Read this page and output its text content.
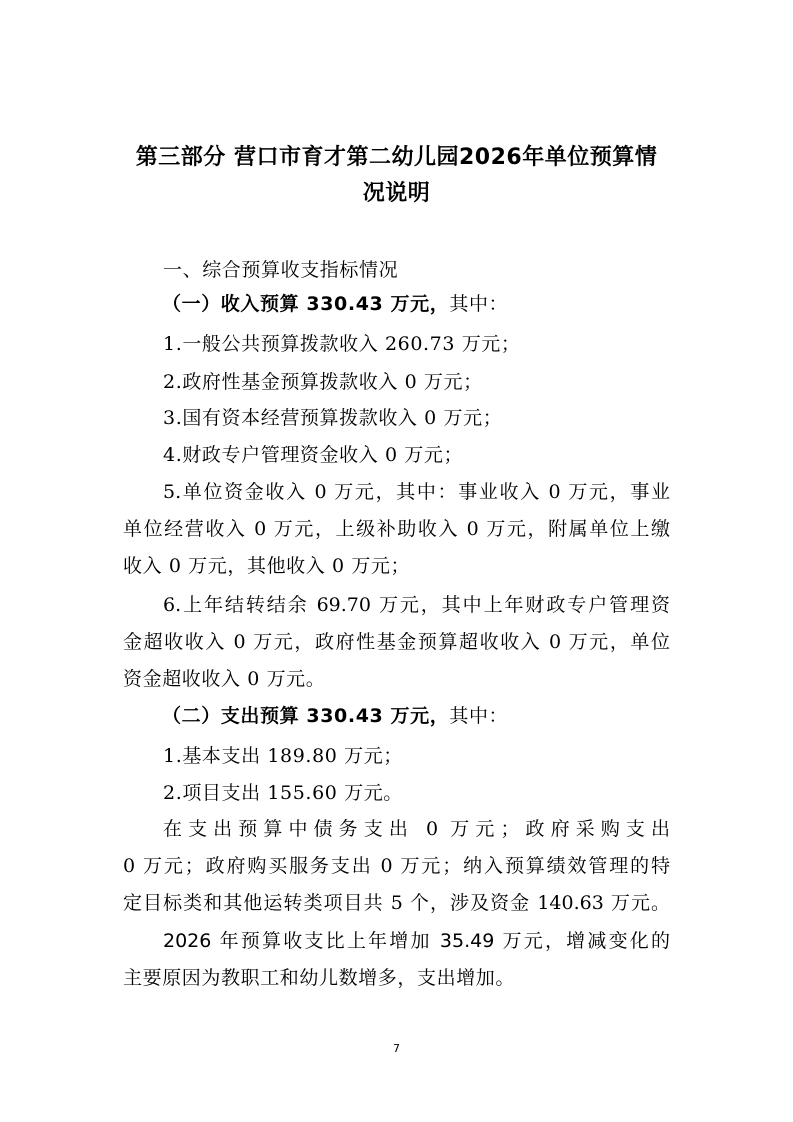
第三部分 营口市育才第二幼儿园2026年单位预算情
况说明
一、综合预算收支指标情况
（一）收入预算 330.43 万元，其中：
1.一般公共预算拨款收入 260.73 万元；
2.政府性基金预算拨款收入 0 万元；
3.国有资本经营预算拨款收入 0 万元；
4.财政专户管理资金收入 0 万元；
5.单位资金收入 0 万元，其中：事业收入 0 万元，事业
单位经营收入 0 万元，上级补助收入 0 万元，附属单位上缴
收入 0 万元，其他收入 0 万元；
6.上年结转结余 69.70 万元，其中上年财政专户管理资
金超收收入 0 万元，政府性基金预算超收收入 0 万元，单位
资金超收收入 0 万元。
（二）支出预算 330.43 万元，其中：
1.基本支出 189.80 万元；
2.项目支出 155.60 万元。
在支出预算中债务支出 0 万元；政府采购支出
0 万元；政府购买服务支出 0 万元；纳入预算绩效管理的特
定目标类和其他运转类项目共 5 个，涉及资金 140.63 万元。
2026 年预算收支比上年增加 35.49 万元，增减变化的
主要原因为教职工和幼儿数增多，支出增加。
7
